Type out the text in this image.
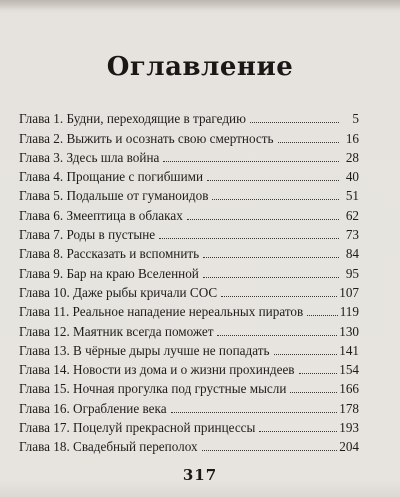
Оглавление
Глава 1. Будни, переходящие в трагедию	5
Глава 2. Выжить и осознать свою смертность	16
Глава 3. Здесь шла война	28
Глава 4. Прощание с погибшими	40
Глава 5. Подальше от гуманоидов	51
Глава 6. Змеептица в облаках	62
Глава 7. Роды в пустыне	73
Глава 8. Рассказать и вспомнить	84
Глава 9. Бар на краю Вселенной	95
Глава 10. Даже рыбы кричали СОС	107
Глава 11. Реальное нападение нереальных пиратов	119
Глава 12. Маятник всегда поможет	130
Глава 13. В чёрные дыры лучше не попадать	141
Глава 14. Новости из дома и о жизни прохиндеев	154
Глава 15. Ночная прогулка под грустные мысли	166
Глава 16. Ограбление века	178
Глава 17. Поцелуй прекрасной принцессы	193
Глава 18. Свадебный переполох	204
317
